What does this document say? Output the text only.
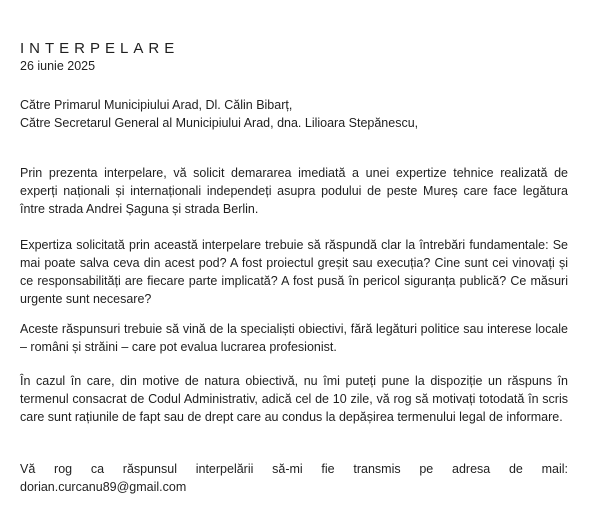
INTERPELARE

26 iunie 2025

Către Primarul Municipiului Arad, Dl. Călin Bibarț,
Către Secretarul General al Municipiului Arad, dna. Lilioara Stepănescu,

Prin prezenta interpelare, vă solicit demararea imediată a unei expertize tehnice realizată de experți naționali și internaționali independeți asupra podului de peste Mureș care face legătura între strada Andrei Șaguna și strada Berlin.

Expertiza solicitată prin această interpelare trebuie să răspundă clar la întrebări fundamentale: Se mai poate salva ceva din acest pod? A fost proiectul greșit sau execuția? Cine sunt cei vinovați și ce responsabilități are fiecare parte implicată? A fost pusă în pericol siguranța publică? Ce măsuri urgente sunt necesare?

Aceste răspunsuri trebuie să vină de la specialiști obiectivi, fără legături politice sau interese locale – români și străini – care pot evalua lucrarea profesionist.

În cazul în care, din motive de natura obiectivă, nu îmi puteți pune la dispoziție un răspuns în termenul consacrat de Codul Administrativ, adică cel de 10 zile, vă rog să motivați totodată în scris care sunt rațiunile de fapt sau de drept care au condus la depășirea termenului legal de informare.

Vă rog ca răspunsul interpelării să-mi fie transmis pe adresa de mail: dorian.curcanu89@gmail.com
